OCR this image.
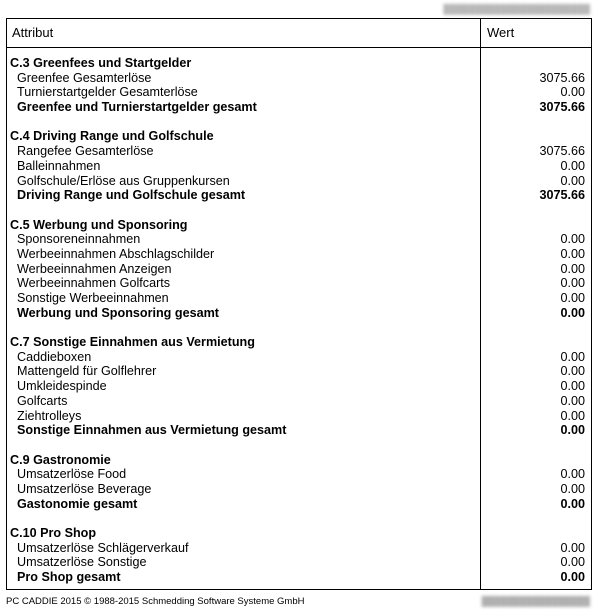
███████████████████████
Attribut	Wert
C.3 Greenfees und Startgelder
Greenfee Gesamterlöse	3075.66
Turnierstartgelder Gesamterlöse	0.00
Greenfee und Turnierstartgelder gesamt	3075.66
C.4 Driving Range und Golfschule
Rangefee Gesamterlöse	3075.66
Balleinnahmen	0.00
Golfschule/Erlöse aus Gruppenkursen	0.00
Driving Range und Golfschule gesamt	3075.66
C.5 Werbung und Sponsoring
Sponsoreneinnahmen	0.00
Werbeeinnahmen Abschlagschilder	0.00
Werbeeinnahmen Anzeigen	0.00
Werbeeinnahmen Golfcarts	0.00
Sonstige Werbeeinnahmen	0.00
Werbung und Sponsoring gesamt	0.00
C.7 Sonstige Einnahmen aus Vermietung
Caddieboxen	0.00
Mattengeld für Golflehrer	0.00
Umkleidespinde	0.00
Golfcarts	0.00
Ziehtrolleys	0.00
Sonstige Einnahmen aus Vermietung gesamt	0.00
C.9 Gastronomie
Umsatzerlöse Food	0.00
Umsatzerlöse Beverage	0.00
Gastonomie gesamt	0.00
C.10 Pro Shop
Umsatzerlöse Schlägerverkauf	0.00
Umsatzerlöse Sonstige	0.00
Pro Shop gesamt	0.00
PC CADDIE 2015 © 1988-2015 Schmedding Software Systeme GmbH	█████████████████
